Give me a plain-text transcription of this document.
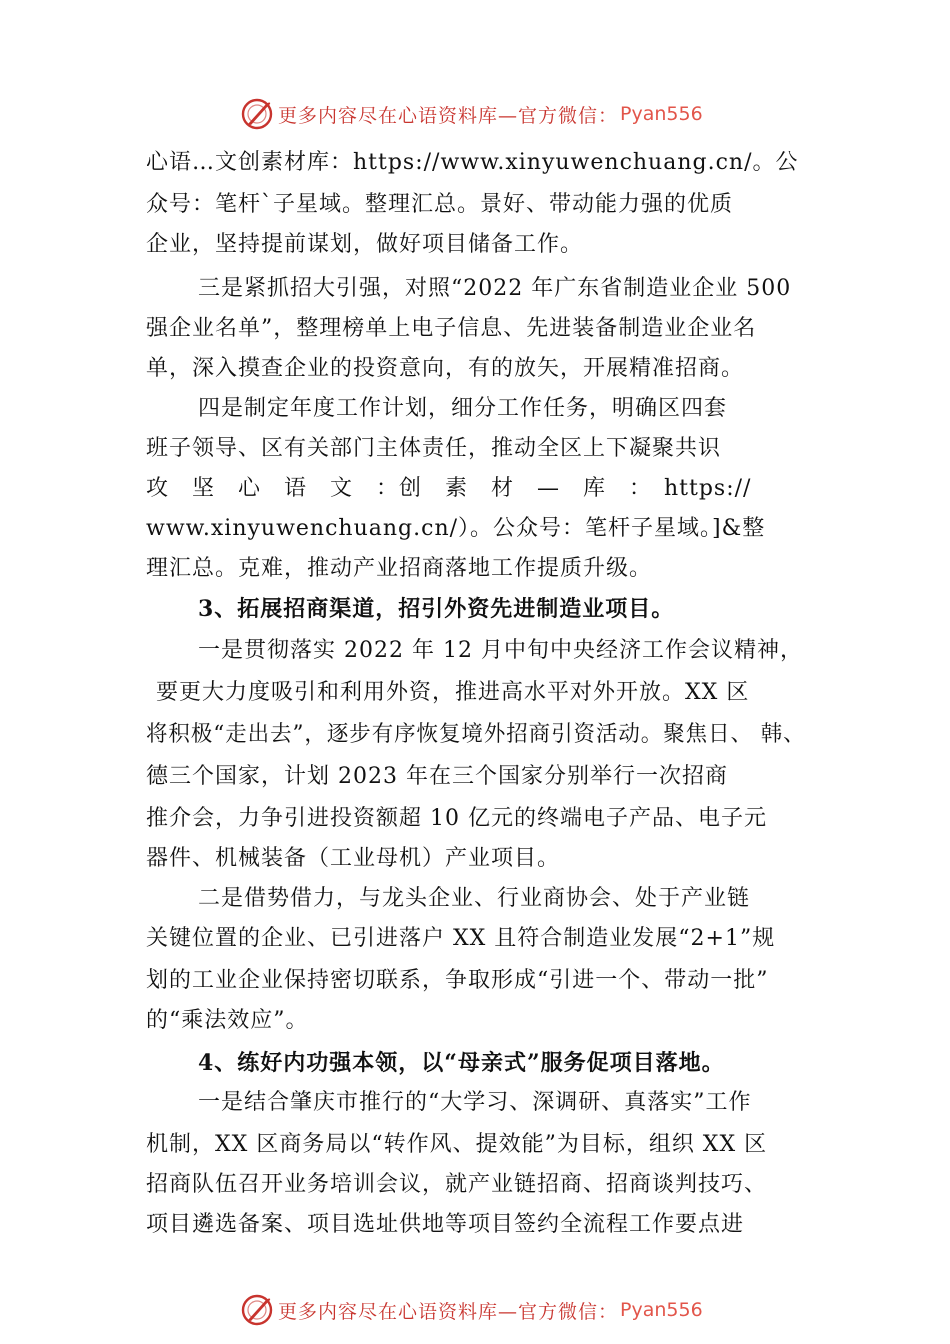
更多内容尽在心语资料库—官方微信： Pyan556
心语…文创素材库：https://www.xinyuwenchuang.cn/。公
众号：笔杆`子星域。整理汇总。景好、带动能力强的优质
企业，坚持提前谋划，做好项目储备工作。
三是紧抓招大引强，对照“2022 年广东省制造业企业 500
强企业名单”，整理榜单上电子信息、先进装备制造业企业名
单，深入摸查企业的投资意向，有的放矢，开展精准招商。
四是制定年度工作计划，细分工作任务，明确区四套
班子领导、区有关部门主体责任，推动全区上下凝聚共识
攻　坚　心　语　文　：创　素　材　—　库　：　https://
www.xinyuwenchuang.cn/）。公众号：笔杆子星域。]&整
理汇总。克难，推动产业招商落地工作提质升级。
3、拓展招商渠道，招引外资先进制造业项目。
一是贯彻落实 2022 年 12 月中旬中央经济工作会议精神，
要更大力度吸引和利用外资，推进高水平对外开放。XX 区
将积极“走出去”，逐步有序恢复境外招商引资活动。聚焦日、 韩、
德三个国家，计划 2023 年在三个国家分别举行一次招商
推介会，力争引进投资额超 10 亿元的终端电子产品、电子元
器件、机械装备（工业母机）产业项目。
二是借势借力，与龙头企业、行业商协会、处于产业链
关键位置的企业、已引进落户 XX 且符合制造业发展“2+1”规
划的工业企业保持密切联系，争取形成“引进一个、带动一批”
的“乘法效应”。
4、练好内功强本领，以“母亲式”服务促项目落地。
一是结合肇庆市推行的“大学习、深调研、真落实”工作
机制，XX 区商务局以“转作风、提效能”为目标，组织 XX 区
招商队伍召开业务培训会议，就产业链招商、招商谈判技巧、
项目遴选备案、项目选址供地等项目签约全流程工作要点进
更多内容尽在心语资料库—官方微信： Pyan556
